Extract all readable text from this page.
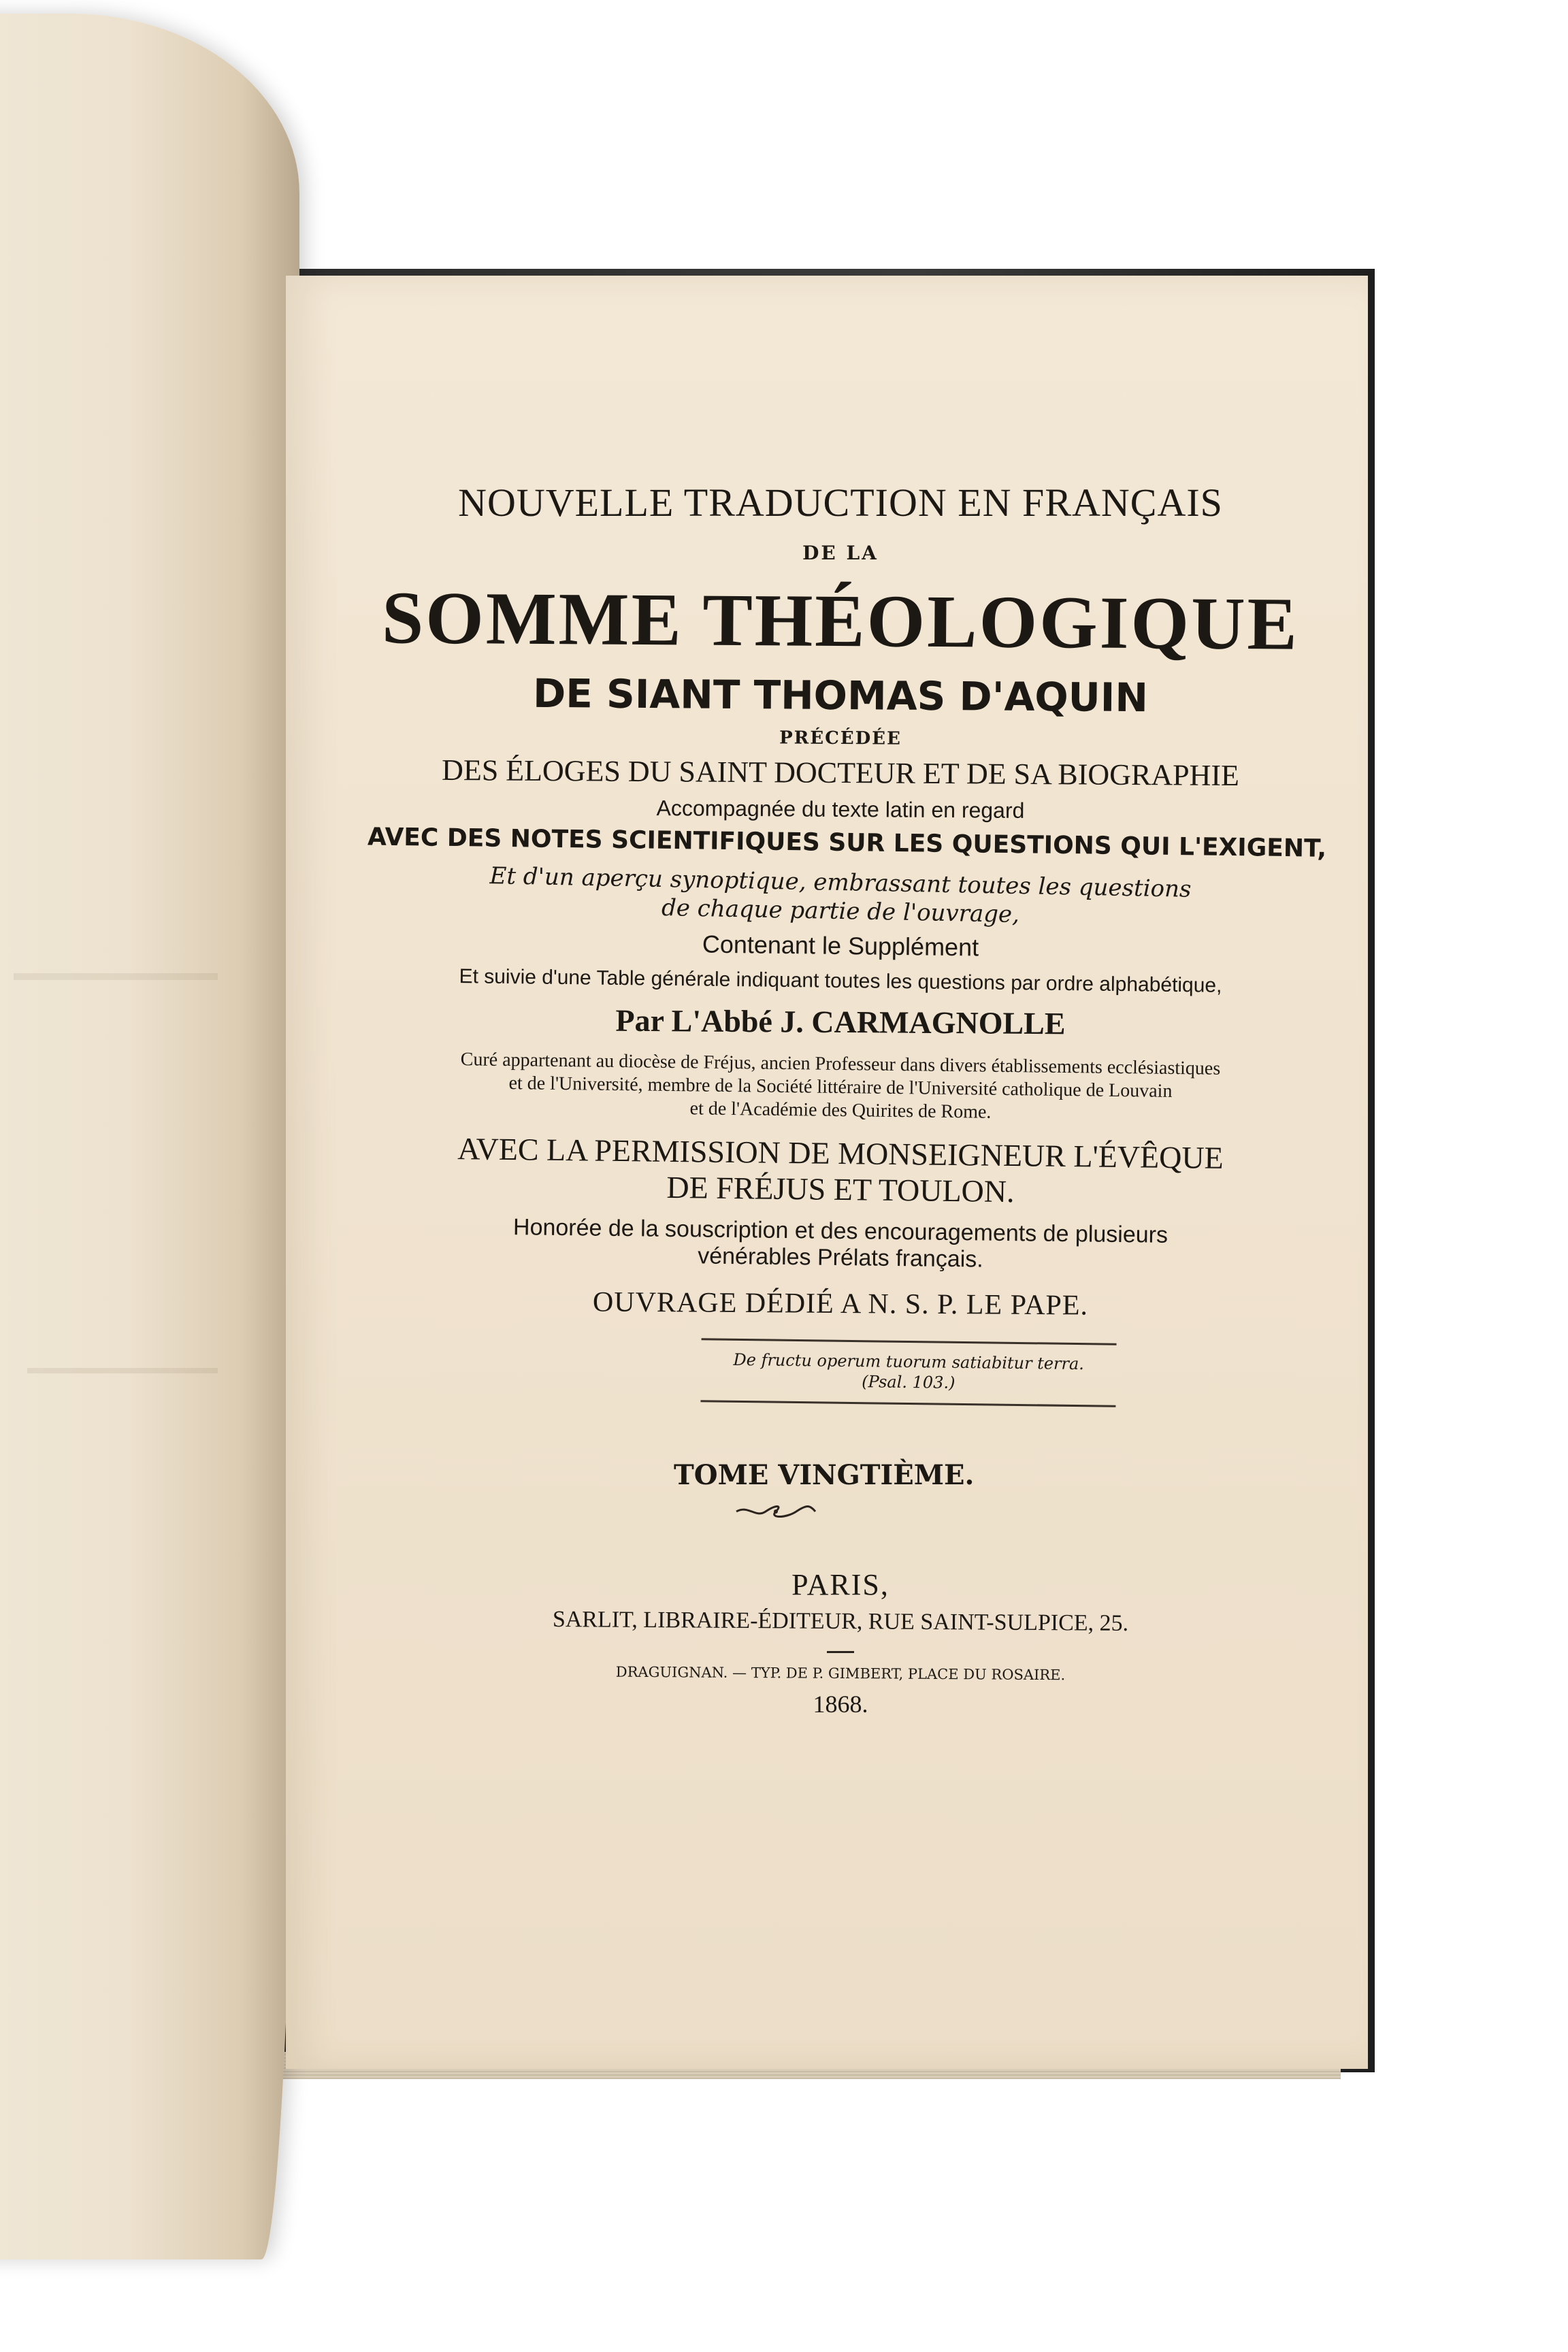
NOUVELLE TRADUCTION EN FRANÇAIS
DE LA
SOMME THÉOLOGIQUE
DE SIANT THOMAS D'AQUIN
PRÉCÉDÉE
DES ÉLOGES DU SAINT DOCTEUR ET DE SA BIOGRAPHIE
Accompagnée du texte latin en regard
AVEC DES NOTES SCIENTIFIQUES SUR LES QUESTIONS QUI L'EXIGENT,
Et d'un aperçu synoptique, embrassant toutes les questions
de chaque partie de l'ouvrage,
Contenant le Supplément
Et suivie d'une Table générale indiquant toutes les questions par ordre alphabétique,
Par L'Abbé J. CARMAGNOLLE
Curé appartenant au diocèse de Fréjus, ancien Professeur dans divers établissements ecclésiastiques
et de l'Université, membre de la Société littéraire de l'Université catholique de Louvain
et de l'Académie des Quirites de Rome.
AVEC LA PERMISSION DE MONSEIGNEUR L'ÉVÊQUE
DE FRÉJUS ET TOULON.
Honorée de la souscription et des encouragements de plusieurs
vénérables Prélats français.
OUVRAGE DÉDIÉ A N. S. P. LE PAPE.
De fructu operum tuorum satiabitur terra.
(Psal. 103.)
TOME VINGTIÈME.
PARIS,
SARLIT, LIBRAIRE-ÉDITEUR, RUE SAINT-SULPICE, 25.
DRAGUIGNAN. — TYP. DE P. GIMBERT, PLACE DU ROSAIRE.
1868.
